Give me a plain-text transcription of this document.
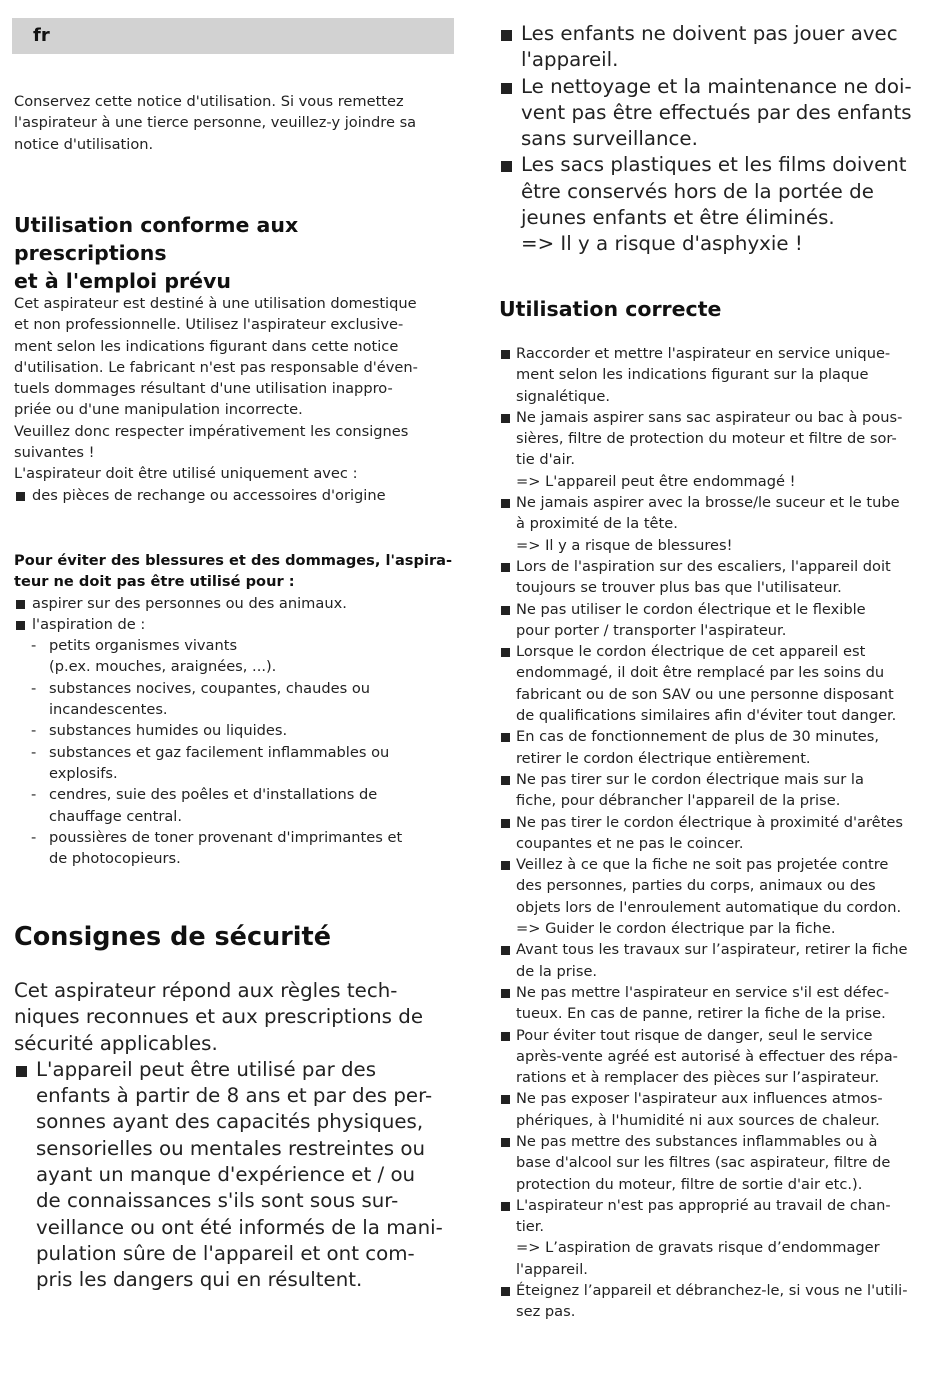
fr

Conservez cette notice d'utilisation. Si vous remettez
l'aspirateur à une tierce personne, veuillez-y joindre sa
notice d'utilisation.

Utilisation conforme aux prescriptions
et à l'emploi prévu

Cet aspirateur est destiné à une utilisation domestique
et non professionnelle. Utilisez l'aspirateur exclusive-
ment selon les indications figurant dans cette notice
d'utilisation. Le fabricant n'est pas responsable d'éven-
tuels dommages résultant d'une utilisation inappro-
priée ou d'une manipulation incorrecte.

Veuillez donc respecter impérativement les consignes
suivantes !

L'aspirateur doit être utilisé uniquement avec :

des pièces de rechange ou accessoires d'origine

Pour éviter des blessures et des dommages, l'aspira-
teur ne doit pas être utilisé pour :

aspirer sur des personnes ou des animaux.
l'aspiration de :
- petits organismes vivants
(p.ex. mouches, araignées, ...).
- substances nocives, coupantes, chaudes ou
incandescentes.
- substances humides ou liquides.
- substances et gaz facilement inflammables ou
explosifs.
- cendres, suie des poêles et d'installations de
chauffage central.
- poussières de toner provenant d'imprimantes et
de photocopieurs.
Consignes de sécurité

Cet aspirateur répond aux règles tech-
niques reconnues et aux prescriptions de
sécurité applicables.

L'appareil peut être utilisé par des
enfants à partir de 8 ans et par des per-
sonnes ayant des capacités physiques,
sensorielles ou mentales restreintes ou
ayant un manque d'expérience et / ou
de connaissances s'ils sont sous sur-
veillance ou ont été informés de la mani-
pulation sûre de l'appareil et ont com-
pris les dangers qui en résultent.
Les enfants ne doivent pas jouer avec
l'appareil.
Le nettoyage et la maintenance ne doi-
vent pas être effectués par des enfants
sans surveillance.
Les sacs plastiques et les films doivent
être conservés hors de la portée de
jeunes enfants et être éliminés.
=> Il y a risque d'asphyxie !
Utilisation correcte
Raccorder et mettre l'aspirateur en service unique-
ment selon les indications figurant sur la plaque
signalétique.
Ne jamais aspirer sans sac aspirateur ou bac à pous-
sières, filtre de protection du moteur et filtre de sor-
tie d'air.
=> L'appareil peut être endommagé !
Ne jamais aspirer avec la brosse/le suceur et le tube
à proximité de la tête.
=> Il y a risque de blessures!
Lors de l'aspiration sur des escaliers, l'appareil doit
toujours se trouver plus bas que l'utilisateur.
Ne pas utiliser le cordon électrique et le flexible
pour porter / transporter l'aspirateur.
Lorsque le cordon électrique de cet appareil est
endommagé, il doit être remplacé par les soins du
fabricant ou de son SAV ou une personne disposant
de qualifications similaires afin d'éviter tout danger.
En cas de fonctionnement de plus de 30 minutes,
retirer le cordon électrique entièrement.
Ne pas tirer sur le cordon électrique mais sur la
fiche, pour débrancher l'appareil de la prise.
Ne pas tirer le cordon électrique à proximité d'arêtes
coupantes et ne pas le coincer.
Veillez à ce que la fiche ne soit pas projetée contre
des personnes, parties du corps, animaux ou des
objets lors de l'enroulement automatique du cordon.
=> Guider le cordon électrique par la fiche.
Avant tous les travaux sur l’aspirateur, retirer la fiche
de la prise.
Ne pas mettre l'aspirateur en service s'il est défec-
tueux. En cas de panne, retirer la fiche de la prise.
Pour éviter tout risque de danger, seul le service
après-vente agréé est autorisé à effectuer des répa-
rations et à remplacer des pièces sur l’aspirateur.
Ne pas exposer l'aspirateur aux influences atmos-
phériques, à l'humidité ni aux sources de chaleur.
Ne pas mettre des substances inflammables ou à
base d'alcool sur les filtres (sac aspirateur, filtre de
protection du moteur, filtre de sortie d'air etc.).
L'aspirateur n'est pas approprié au travail de chan-
tier.
=> L’aspiration de gravats risque d’endommager
l'appareil.
Éteignez l’appareil et débranchez-le, si vous ne l'utili-
sez pas.
